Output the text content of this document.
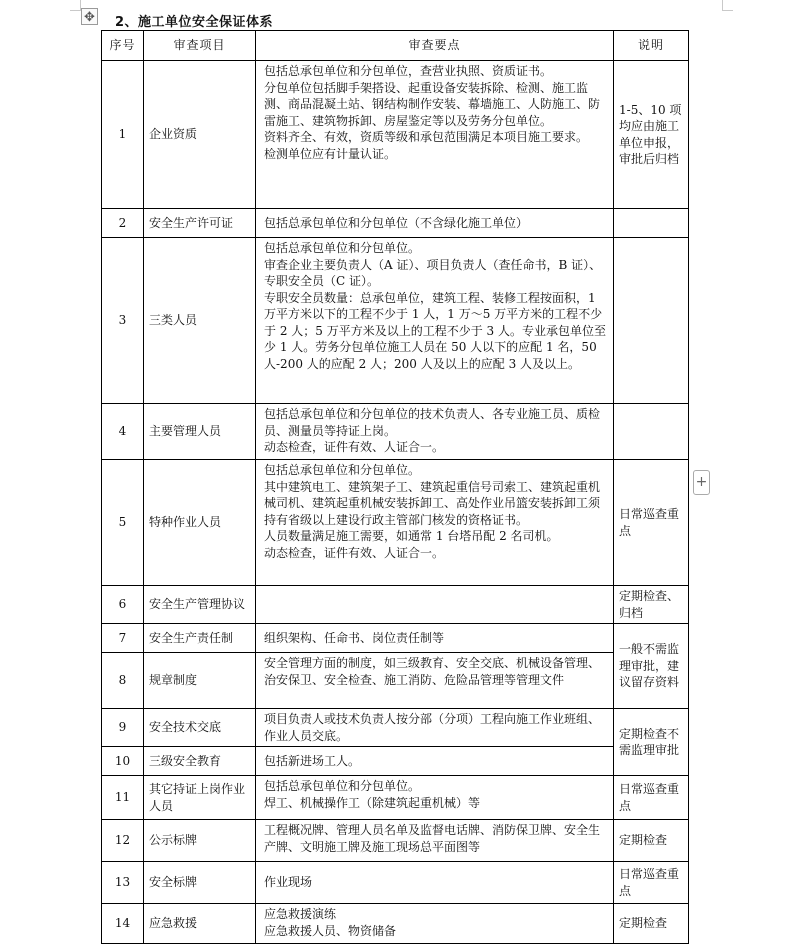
✥ 2、施工单位安全保证体系
+
序号	审查项目	审查要点	说明
1	企业资质	包括总承包单位和分包单位，查营业执照、资质证书。
分包单位包括脚手架搭设、起重设备安装拆除、检测、施工监测、商品混凝土站、钢结构制作安装、幕墙施工、人防施工、防雷施工、建筑物拆卸、房屋鉴定等以及劳务分包单位。
资料齐全、有效，资质等级和承包范围满足本项目施工要求。
检测单位应有计量认证。	1-5、10 项均应由施工单位申报，审批后归档
2	安全生产许可证	包括总承包单位和分包单位（不含绿化施工单位）	

3	三类人员	包括总承包单位和分包单位。
审查企业主要负责人（A 证）、项目负责人（查任命书，B 证）、专职安全员（C 证）。
专职安全员数量：总承包单位，建筑工程、装修工程按面积，1 万平方米以下的工程不少于 1 人，1 万～5 万平方米的工程不少于 2 人；5 万平方米及以上的工程不少于 3 人。专业承包单位至少 1 人。劳务分包单位施工人员在 50 人以下的应配 1 名，50 人-200 人的应配 2 人；200 人及以上的应配 3 人及以上。	

4	主要管理人员	包括总承包单位和分包单位的技术负责人、各专业施工员、质检员、测量员等持证上岗。
动态检查，证件有效、人证合一。	

5	特种作业人员	包括总承包单位和分包单位。
其中建筑电工、建筑架子工、建筑起重信号司索工、建筑起重机械司机、建筑起重机械安装拆卸工、高处作业吊篮安装拆卸工须持有省级以上建设行政主管部门核发的资格证书。
人员数量满足施工需要，如通常 1 台塔吊配 2 名司机。
动态检查，证件有效、人证合一。	日常巡查重点
6	安全生产管理协议		定期检查、归档
7	安全生产责任制	组织架构、任命书、岗位责任制等	一般不需监理审批，建议留存资料
8	规章制度	安全管理方面的制度，如三级教育、安全交底、机械设备管理、治安保卫、安全检查、施工消防、危险品管理等管理文件	

9	安全技术交底	项目负责人或技术负责人按分部（分项）工程向施工作业班组、作业人员交底。	定期检查不需监理审批
10	三级安全教育	包括新进场工人。	

11	其它持证上岗作业人员	包括总承包单位和分包单位。
焊工、机械操作工（除建筑起重机械）等	日常巡查重点
12	公示标牌	工程概况牌、管理人员名单及监督电话牌、消防保卫牌、安全生产牌、文明施工牌及施工现场总平面图等	定期检查
13	安全标牌	作业现场	日常巡查重点
14	应急救援	应急救援演练
应急救援人员、物资储备	定期检查
